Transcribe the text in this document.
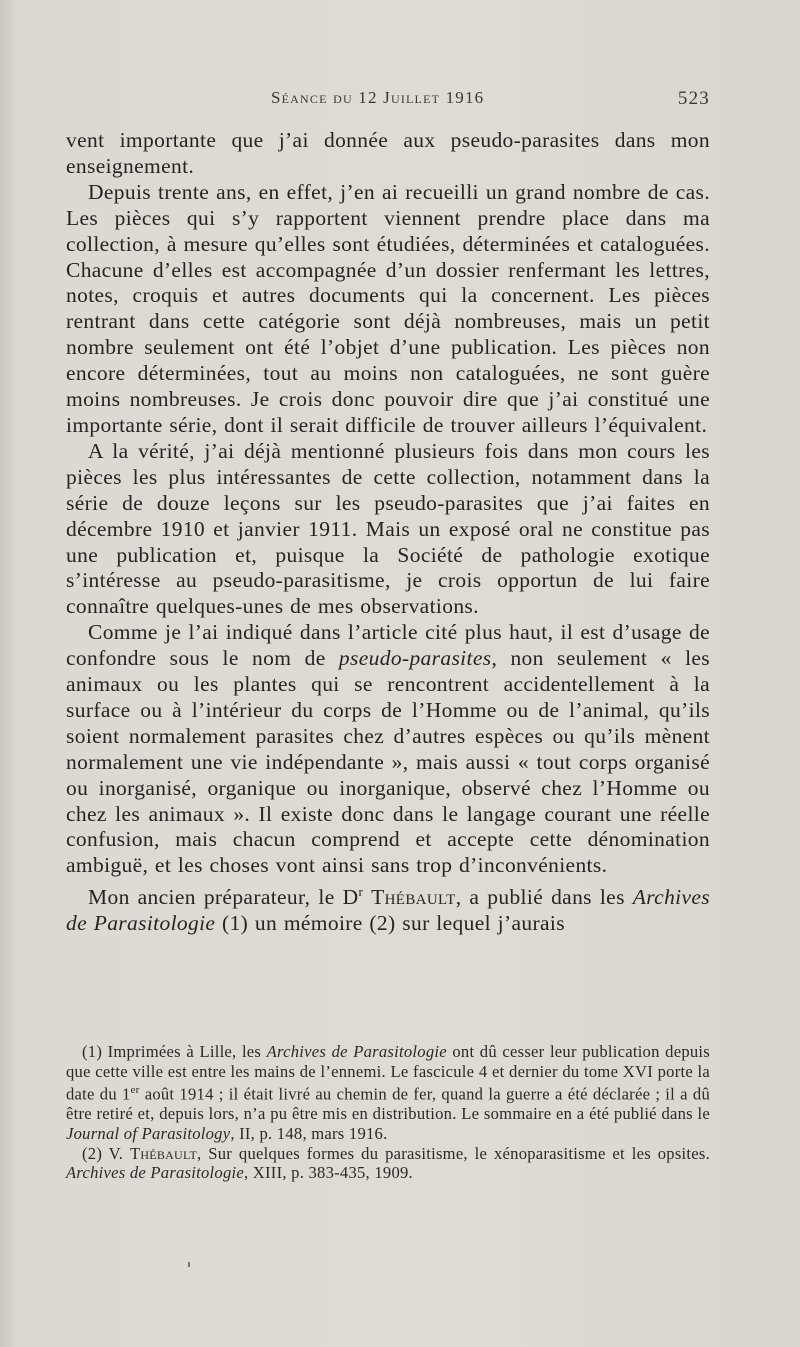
Séance du 12 Juillet 1916	523

vent importante que j’ai donnée aux pseudo-parasites dans mon enseignement.

Depuis trente ans, en effet, j’en ai recueilli un grand nombre de cas. Les pièces qui s’y rapportent viennent prendre place dans ma collection, à mesure qu’elles sont étudiées, déterminées et cataloguées. Chacune d’elles est accompagnée d’un dossier renfermant les lettres, notes, croquis et autres documents qui la concernent. Les pièces rentrant dans cette catégorie sont déjà nombreuses, mais un petit nombre seulement ont été l’objet d’une publication. Les pièces non encore déterminées, tout au moins non cataloguées, ne sont guère moins nombreuses. Je crois donc pouvoir dire que j’ai constitué une importante série, dont il serait difficile de trouver ailleurs l’équivalent.

A la vérité, j’ai déjà mentionné plusieurs fois dans mon cours les pièces les plus intéressantes de cette collection, notamment dans la série de douze leçons sur les pseudo-parasites que j’ai faites en décembre 1910 et janvier 1911. Mais un exposé oral ne constitue pas une publication et, puisque la Société de pathologie exotique s’intéresse au pseudo-parasitisme, je crois opportun de lui faire connaître quelques-unes de mes observations.

Comme je l’ai indiqué dans l’article cité plus haut, il est d’usage de confondre sous le nom de pseudo-parasites, non seulement « les animaux ou les plantes qui se rencontrent accidentellement à la surface ou à l’intérieur du corps de l’Homme ou de l’animal, qu’ils soient normalement parasites chez d’autres espèces ou qu’ils mènent normalement une vie indépendante », mais aussi « tout corps organisé ou inorganisé, organique ou inorganique, observé chez l’Homme ou chez les animaux ». Il existe donc dans le langage courant une réelle confusion, mais chacun comprend et accepte cette dénomination ambiguë, et les choses vont ainsi sans trop d’inconvénients.

Mon ancien préparateur, le $D^r$ Thébault, a publié dans les Archives de Parasitologie (1) un mémoire (2) sur lequel j’aurais

(1) Imprimées à Lille, les Archives de Parasitologie ont dû cesser leur publication depuis que cette ville est entre les mains de l’ennemi. Le fascicule 4 et dernier du tome XVI porte la date du 1er août 1914 ; il était livré au chemin de fer, quand la guerre a été déclarée ; il a dû être retiré et, depuis lors, n’a pu être mis en distribution. Le sommaire en a été publié dans le Journal of Parasitology, II, p. 148, mars 1916.

(2) V. Thébault, Sur quelques formes du parasitisme, le xénoparasitisme et les opsites. Archives de Parasitologie, XIII, p. 383-435, 1909.
